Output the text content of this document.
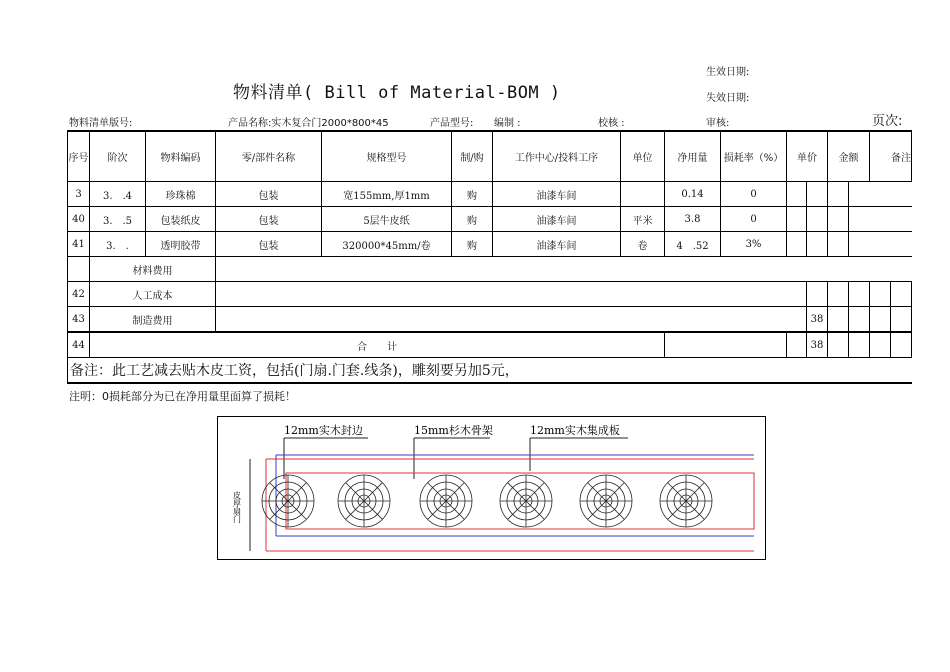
生效日期:
物料清单( Bill of Material-BOM )	失效日期:
物料清单版号:	产品名称:实木复合门2000*800*45	产品型号: 编制 :	校核 :	审核:	页次:
序号	阶次	物料编码	零/部件名称	规格型号	制/购	工作中心/投料工序	单位	净用量	损耗率（%）	单价		金额		备注	
3	3.　.4	珍珠棉	包装	宽155mm,厚1mm	购	油漆车间		0.14	0						
40	3.　.5	包装纸皮	包装	5层牛皮纸	购	油漆车间	平米	3.8	0						
41	3.　.	透明胶带	包装	320000*45mm/卷	购	油漆车间	卷	4　.52	3%						
	材料费用														
42	人工成本														
43	制造费用										38				
44	合　　计										38				
备注：此工艺减去贴木皮工资，包括(门扇.门套.线条)，雕刻要另加5元，															
注明：0损耗部分为已在净用量里面算了损耗！
12mm实木封边	15mm杉木骨架	12mm实木集成板
皮厚扇门
